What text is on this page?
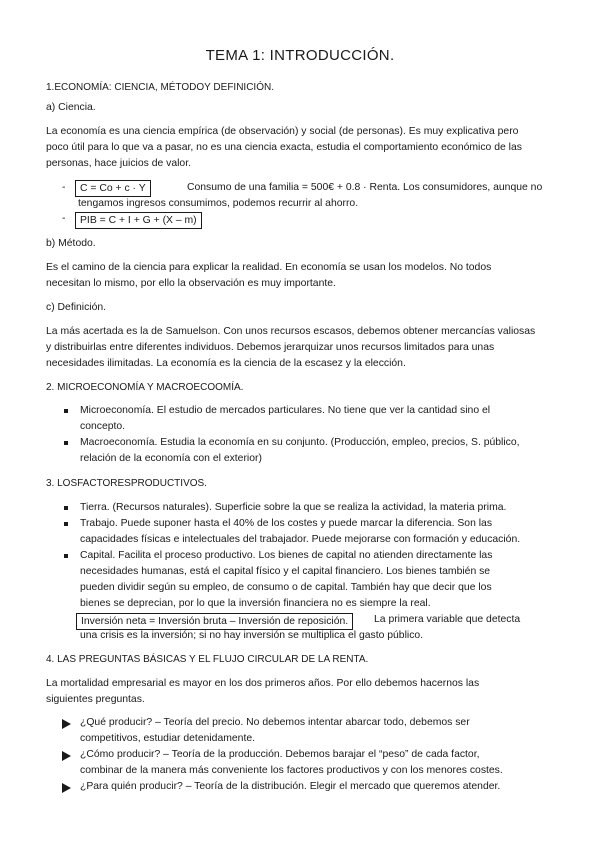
TEMA 1: INTRODUCCIÓN.
1.ECONOMÍA: CIENCIA, MÉTODOY DEFINICIÓN.
a) Ciencia.
La economía es una ciencia empírica (de observación) y social (de personas). Es muy explicativa pero
poco útil para lo que va a pasar, no es una ciencia exacta, estudia el comportamiento económico de las
personas, hace juicios de valor.
-	C = Co + c · Y	Consumo de una familia = 500€ + 0.8 · Renta. Los consumidores, aunque no
tengamos ingresos consumimos, podemos recurrir al ahorro.
-	PIB = C + I + G + (X – m)
b) Método.
Es el camino de la ciencia para explicar la realidad. En economía se usan los modelos. No todos
necesitan lo mismo, por ello la observación es muy importante.
c) Definición.
La más acertada es la de Samuelson. Con unos recursos escasos, debemos obtener mercancías valiosas
y distribuirlas entre diferentes individuos. Debemos jerarquizar unos recursos limitados para unas
necesidades ilimitadas. La economía es la ciencia de la escasez y la elección.
2. MICROECONOMÍA Y MACROECOOMÍA.
Microeconomía. El estudio de mercados particulares. No tiene que ver la cantidad sino el
concepto.
Macroeconomía. Estudia la economía en su conjunto. (Producción, empleo, precios, S. público,
relación de la economía con el exterior)
3. LOSFACTORESPRODUCTIVOS.
Tierra. (Recursos naturales). Superficie sobre la que se realiza la actividad, la materia prima.
Trabajo. Puede suponer hasta el 40% de los costes y puede marcar la diferencia. Son las
capacidades físicas e intelectuales del trabajador. Puede mejorarse con formación y educación.
Capital. Facilita el proceso productivo. Los bienes de capital no atienden directamente las
necesidades humanas, está el capital físico y el capital financiero. Los bienes también se
pueden dividir según su empleo, de consumo o de capital. También hay que decir que los
bienes se deprecian, por lo que la inversión financiera no es siempre la real.
Inversión neta = Inversión bruta – Inversión de reposición.	La primera variable que detecta
una crisis es la inversión; si no hay inversión se multiplica el gasto público.
4. LAS PREGUNTAS BÁSICAS Y EL FLUJO CIRCULAR DE LA RENTA.
La mortalidad empresarial es mayor en los dos primeros años. Por ello debemos hacernos las
siguientes preguntas.
¿Qué producir? – Teoría del precio. No debemos intentar abarcar todo, debemos ser
competitivos, estudiar detenidamente.
¿Cómo producir? – Teoría de la producción. Debemos barajar el “peso” de cada factor,
combinar de la manera más conveniente los factores productivos y con los menores costes.
¿Para quién producir? – Teoría de la distribución. Elegir el mercado que queremos atender.
